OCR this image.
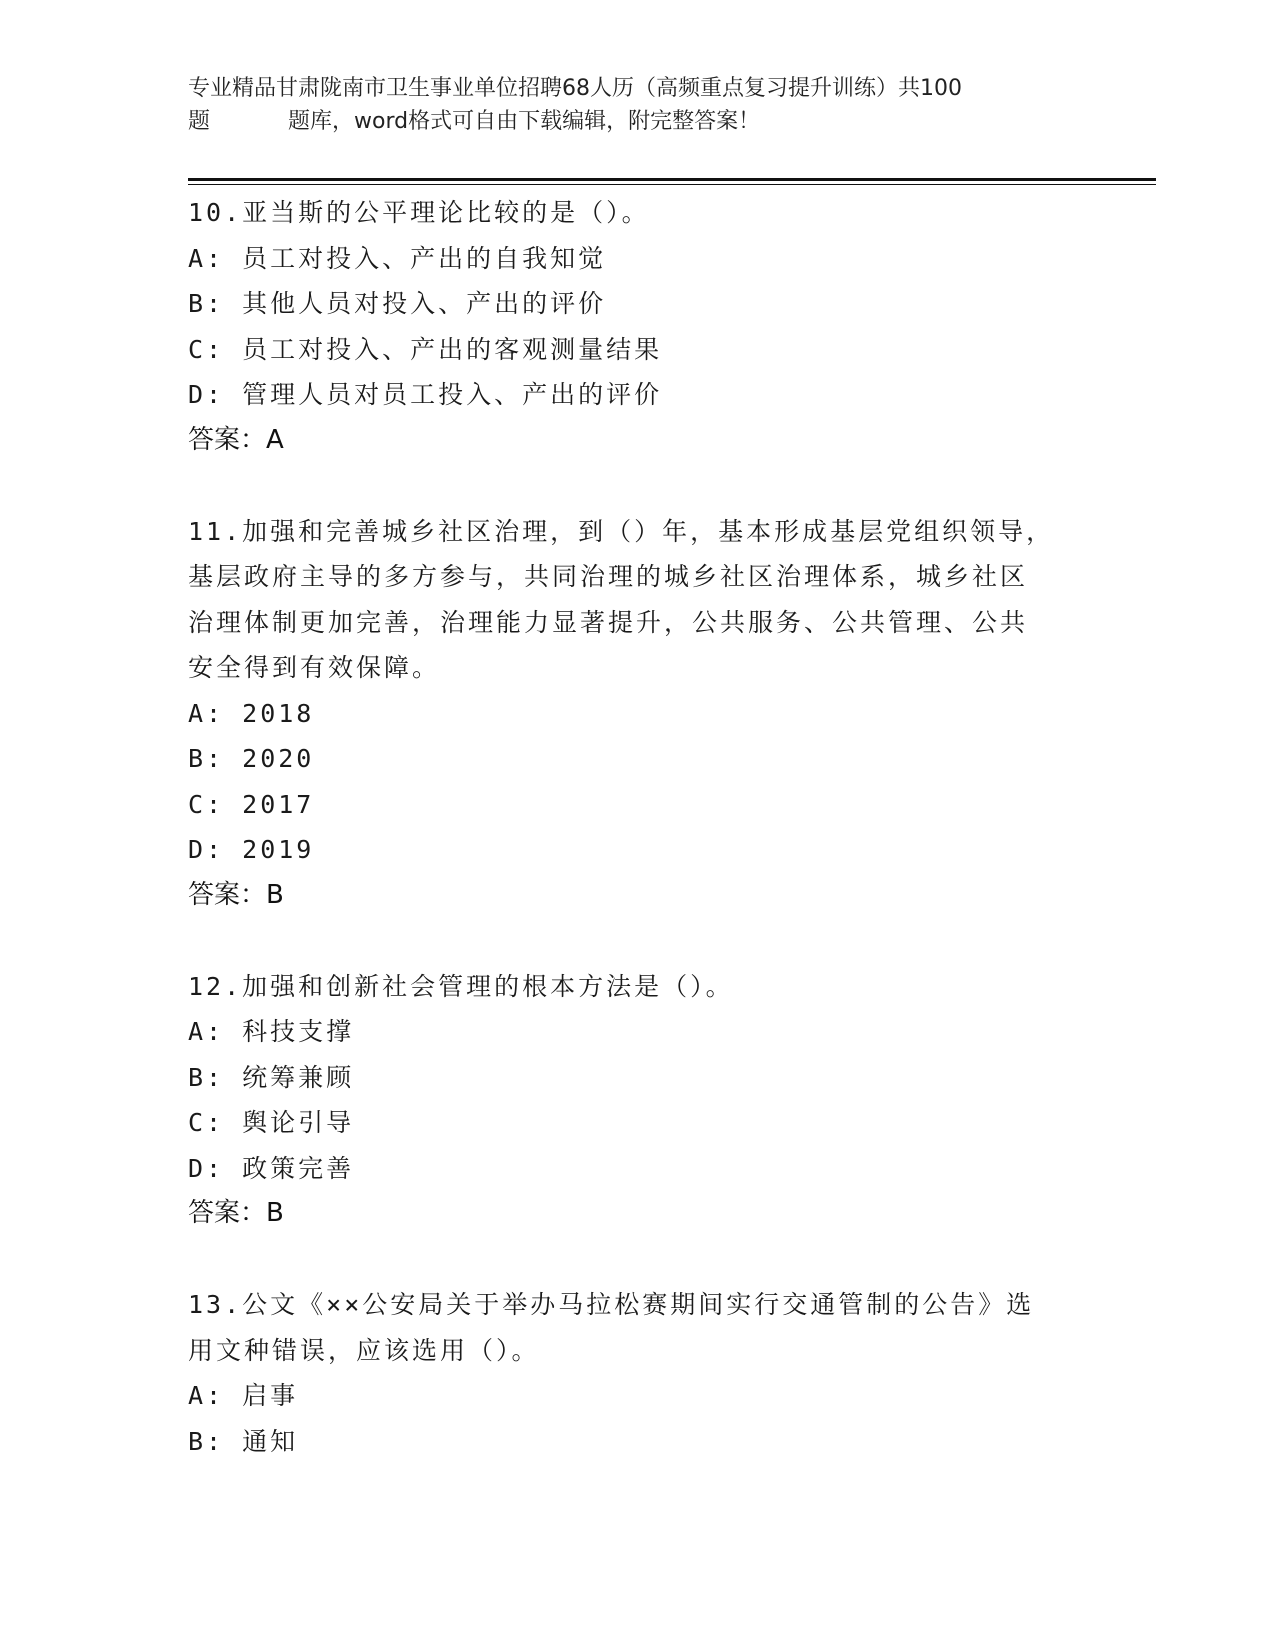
专业精品甘肃陇南市卫生事业单位招聘68人历（高频重点复习提升训练）共100
题	题库，word格式可自由下载编辑，附完整答案！
10.亚当斯的公平理论比较的是（）。
A: 员工对投入、产出的自我知觉
B: 其他人员对投入、产出的评价
C: 员工对投入、产出的客观测量结果
D: 管理人员对员工投入、产出的评价
答案：A
11.加强和完善城乡社区治理，到（）年，基本形成基层党组织领导，
基层政府主导的多方参与，共同治理的城乡社区治理体系，城乡社区
治理体制更加完善，治理能力显著提升，公共服务、公共管理、公共
安全得到有效保障。
A: 2018
B: 2020
C: 2017
D: 2019
答案：B
12.加强和创新社会管理的根本方法是（）。
A: 科技支撑
B: 统筹兼顾
C: 舆论引导
D: 政策完善
答案：B
13.公文《××公安局关于举办马拉松赛期间实行交通管制的公告》选
用文种错误，应该选用（）。
A: 启事
B: 通知
